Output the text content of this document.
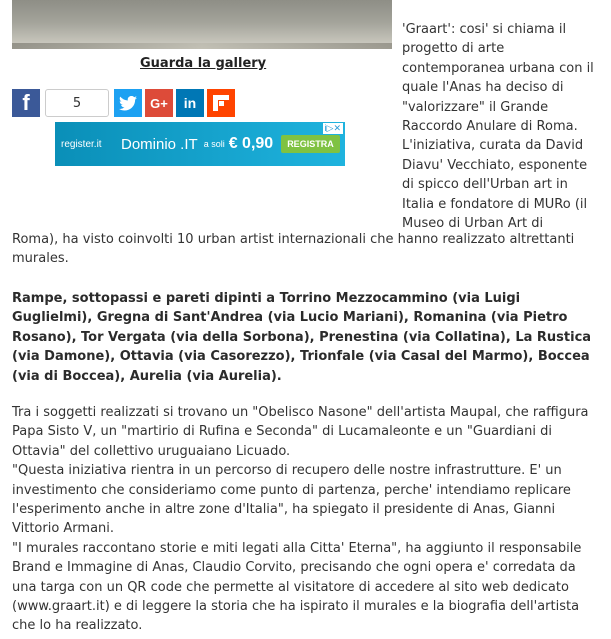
Guarda la gallery
f	5	G+	in
register.it	Dominio .IT a soli € 0,90	REGISTRA
i▷✕

'Graart': cosi' si chiama il progetto di arte contemporanea urbana con il quale l'Anas ha deciso di "valorizzare" il Grande Raccordo Anulare di Roma. L'iniziativa, curata da David Diavu' Vecchiato, esponente di spicco dell'Urban art in Italia e fondatore di MURo (il Museo di Urban Art di

Roma), ha visto coinvolti 10 urban artist internazionali che hanno realizzato altrettanti murales.

Rampe, sottopassi e pareti dipinti a Torrino Mezzocammino (via Luigi Guglielmi), Gregna di Sant'Andrea (via Lucio Mariani), Romanina (via Pietro Rosano), Tor Vergata (via della Sorbona), Prenestina (via Collatina), La Rustica (via Damone), Ottavia (via Casorezzo), Trionfale (via Casal del Marmo), Boccea (via di Boccea), Aurelia (via Aurelia).

Tra i soggetti realizzati si trovano un "Obelisco Nasone" dell'artista Maupal, che raffigura Papa Sisto V, un "martirio di Rufina e Seconda" di Lucamaleonte e un "Guardiani di Ottavia" del collettivo uruguaiano Licuado.
"Questa iniziativa rientra in un percorso di recupero delle nostre infrastrutture. E' un investimento che consideriamo come punto di partenza, perche' intendiamo replicare l'esperimento anche in altre zone d'Italia", ha spiegato il presidente di Anas, Gianni Vittorio Armani.
"I murales raccontano storie e miti legati alla Citta' Eterna", ha aggiunto il responsabile Brand e Immagine di Anas, Claudio Corvito, precisando che ogni opera e' corredata da una targa con un QR code che permette al visitatore di accedere al sito web dedicato (www.graart.it) e di leggere la storia che ha ispirato il murales e la biografia dell'artista che lo ha realizzato.
